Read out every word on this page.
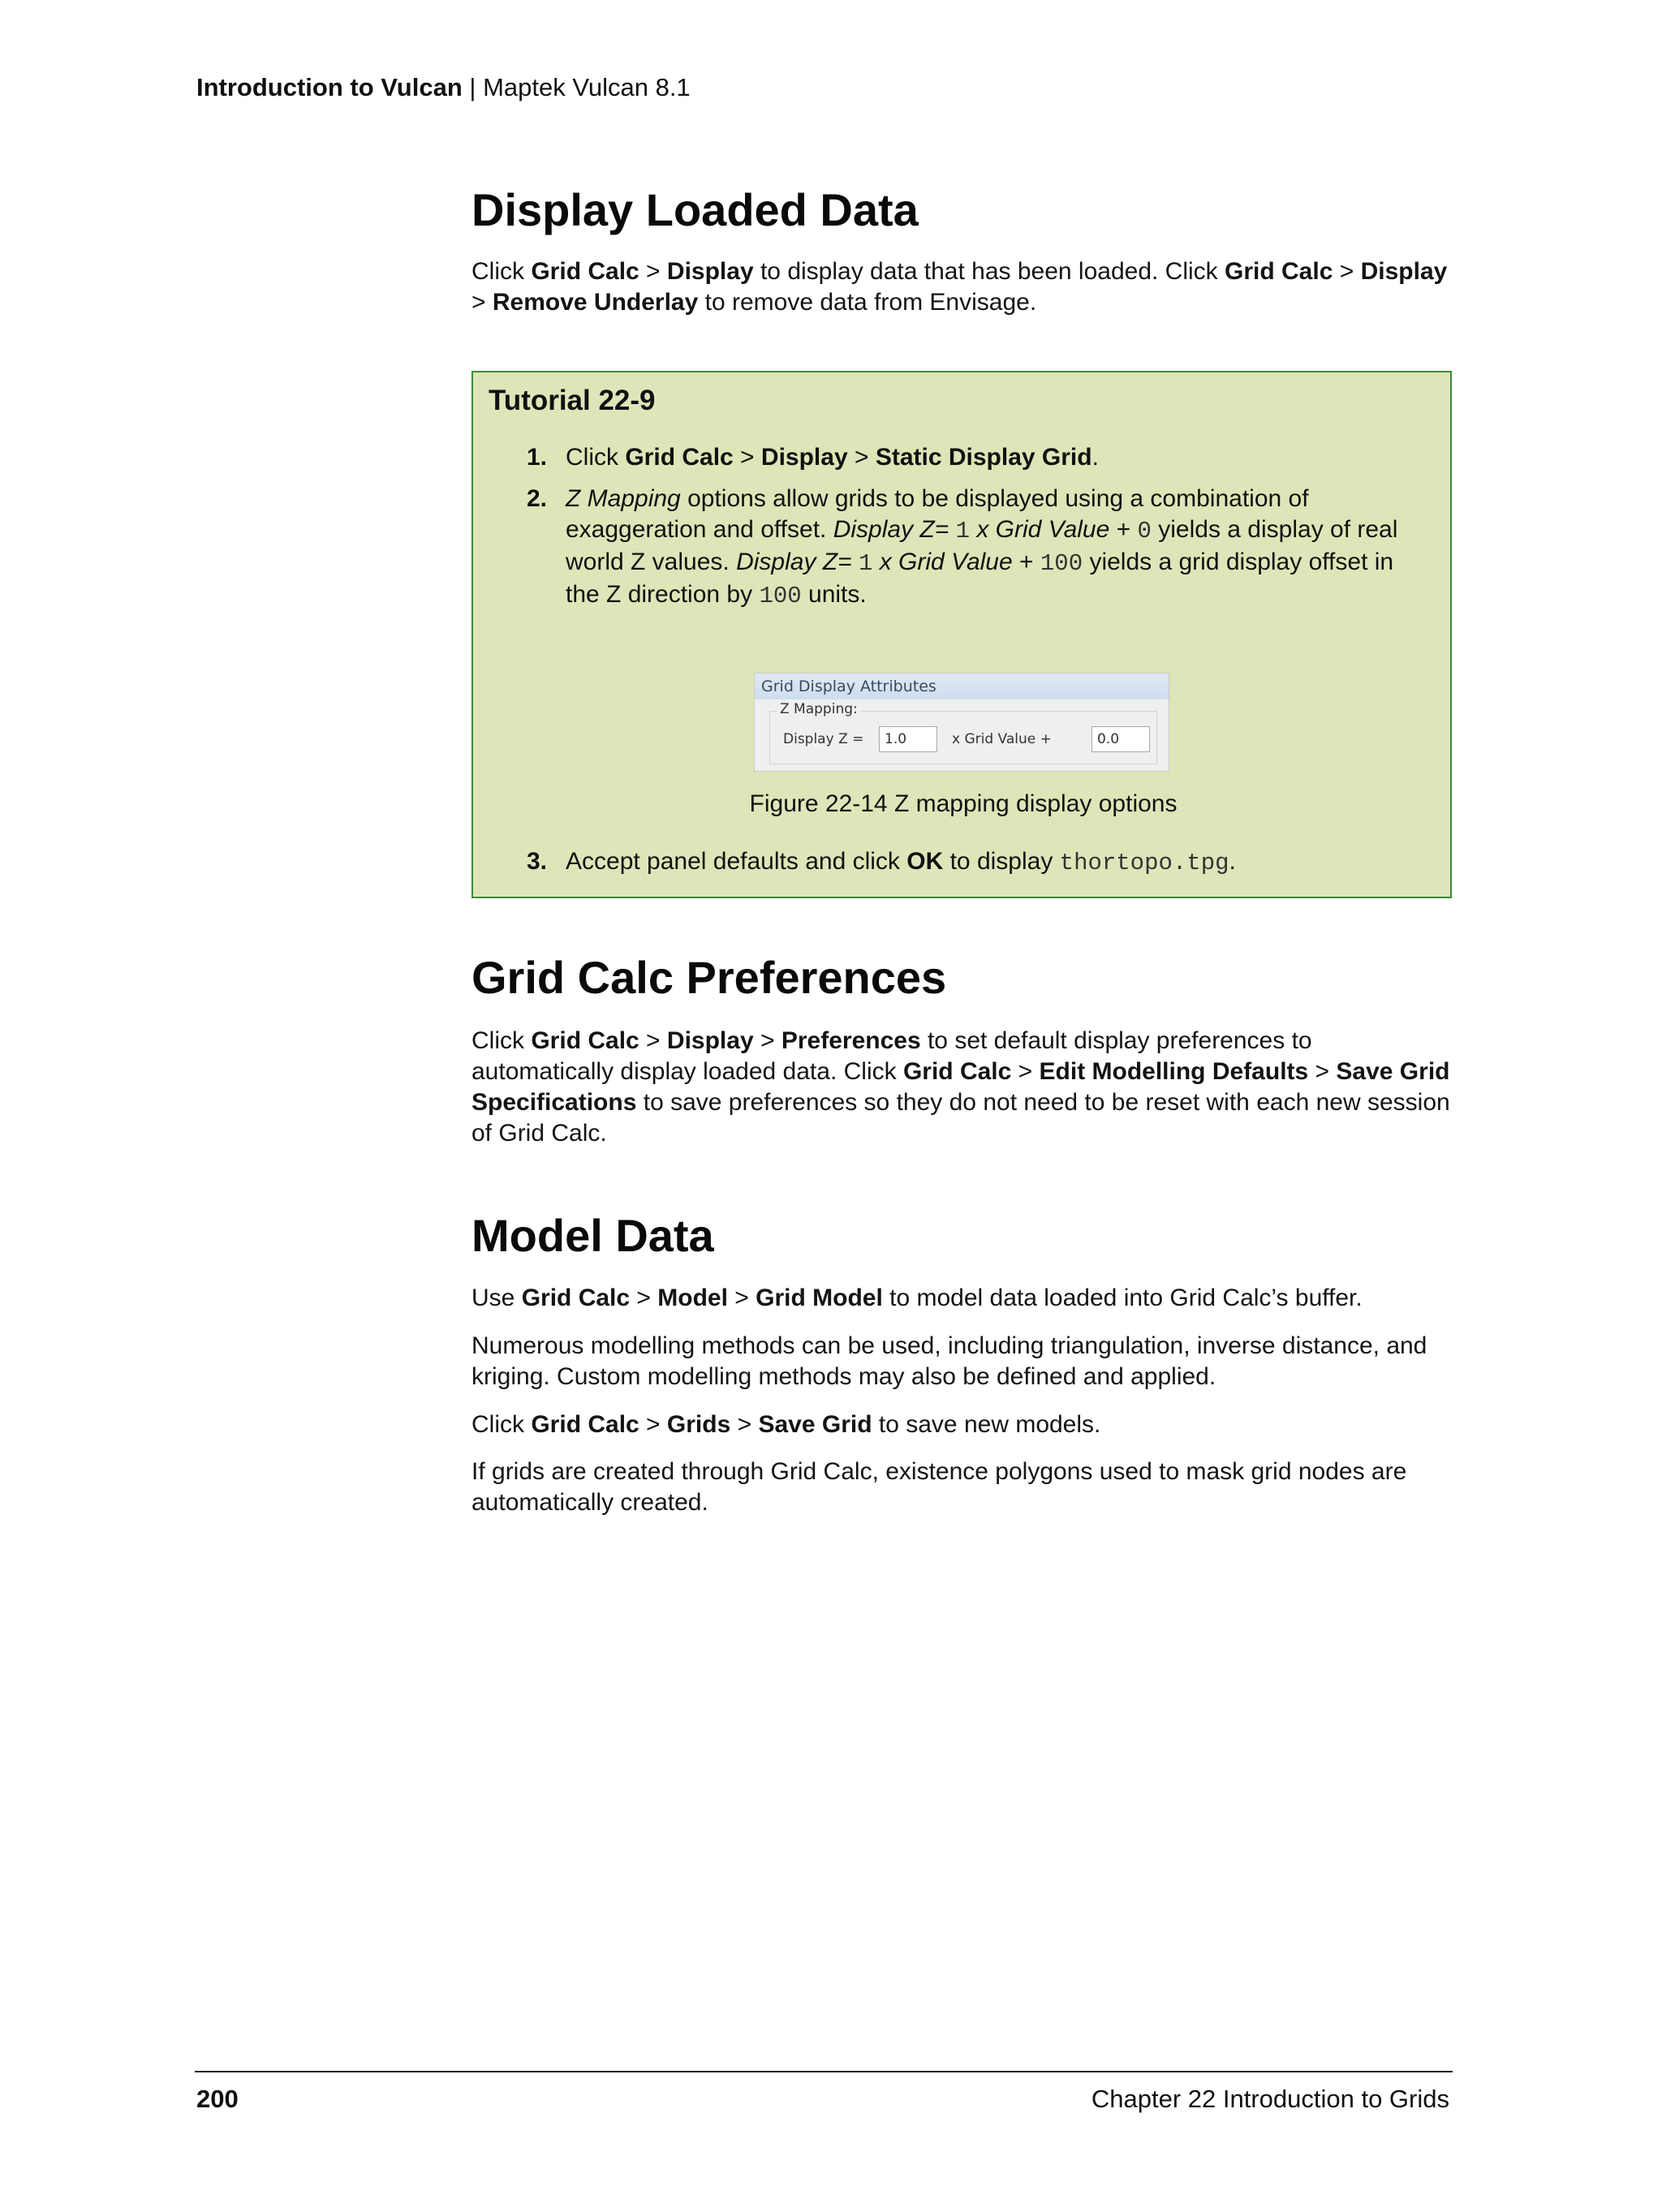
Introduction to Vulcan | Maptek Vulcan 8.1
Display Loaded Data

Click Grid Calc > Display to display data that has been loaded. Click Grid Calc > Display > Remove Underlay to remove data from Envisage.

Tutorial 22-9
1. Click Grid Calc > Display > Static Display Grid.
2. Z Mapping options allow grids to be displayed using a combination of exaggeration and offset. Display Z= 1 x Grid Value + 0 yields a display of real world Z values. Display Z= 1 x Grid Value + 100 yields a grid display offset in the Z direction by 100 units.
Grid Display Attributes
Z Mapping:
Display Z =	1.0	x Grid Value +	0.0
Figure 22-14 Z mapping display options
3. Accept panel defaults and click OK to display thortopo.tpg.
Grid Calc Preferences

Click Grid Calc > Display > Preferences to set default display preferences to automatically display loaded data. Click Grid Calc > Edit Modelling Defaults > Save Grid Specifications to save preferences so they do not need to be reset with each new session of Grid Calc.

Model Data

Use Grid Calc > Model > Grid Model to model data loaded into Grid Calc’s buffer.

Numerous modelling methods can be used, including triangulation, inverse distance, and kriging. Custom modelling methods may also be defined and applied.

Click Grid Calc > Grids > Save Grid to save new models.

If grids are created through Grid Calc, existence polygons used to mask grid nodes are automatically created.

200	Chapter 22 Introduction to Grids
